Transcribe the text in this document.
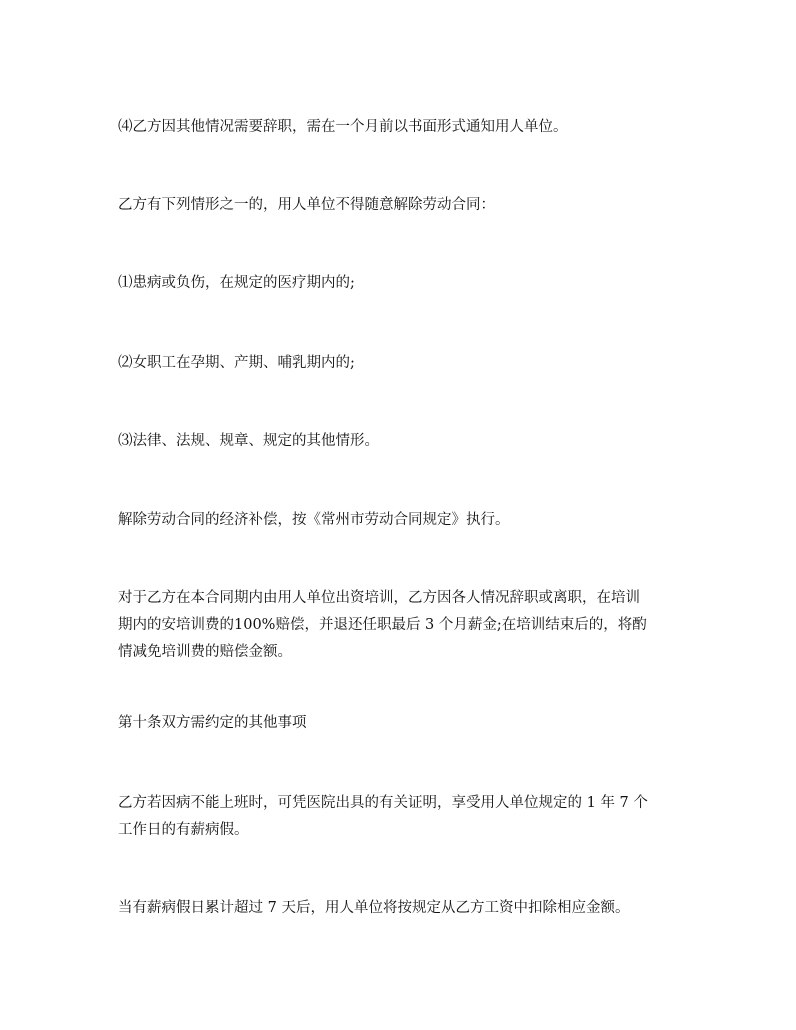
⑷乙方因其他情况需要辞职，需在一个月前以书面形式通知用人单位。

乙方有下列情形之一的，用人单位不得随意解除劳动合同：

⑴患病或负伤，在规定的医疗期内的;

⑵女职工在孕期、产期、哺乳期内的;

⑶法律、法规、规章、规定的其他情形。

解除劳动合同的经济补偿，按《常州市劳动合同规定》执行。

对于乙方在本合同期内由用人单位出资培训，乙方因各人情况辞职或离职，在培训
期内的安培训费的100%赔偿，并退还任职最后 3 个月薪金;在培训结束后的，将酌
情减免培训费的赔偿金额。

第十条双方需约定的其他事项

乙方若因病不能上班时，可凭医院出具的有关证明，享受用人单位规定的 1 年 7 个
工作日的有薪病假。

当有薪病假日累计超过 7 天后，用人单位将按规定从乙方工资中扣除相应金额。
